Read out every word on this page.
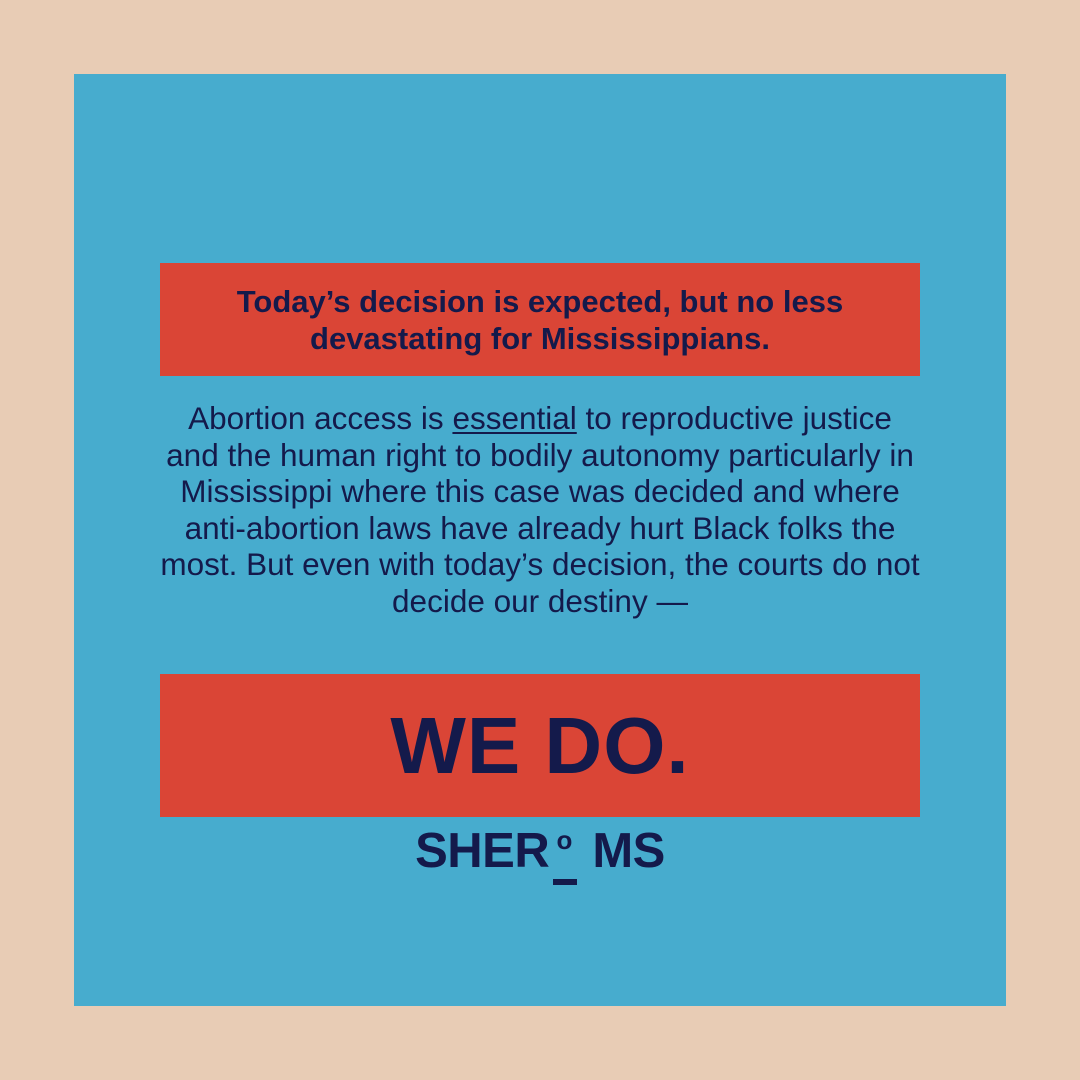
Today’s decision is expected, but no less devastating for Mississippians.
Abortion access is essential to reproductive justice and the human right to bodily autonomy particularly in Mississippi where this case was decided and where anti-abortion laws have already hurt Black folks the most. But even with today’s decision, the courts do not decide our destiny —
WE DO.
SHER o MS
